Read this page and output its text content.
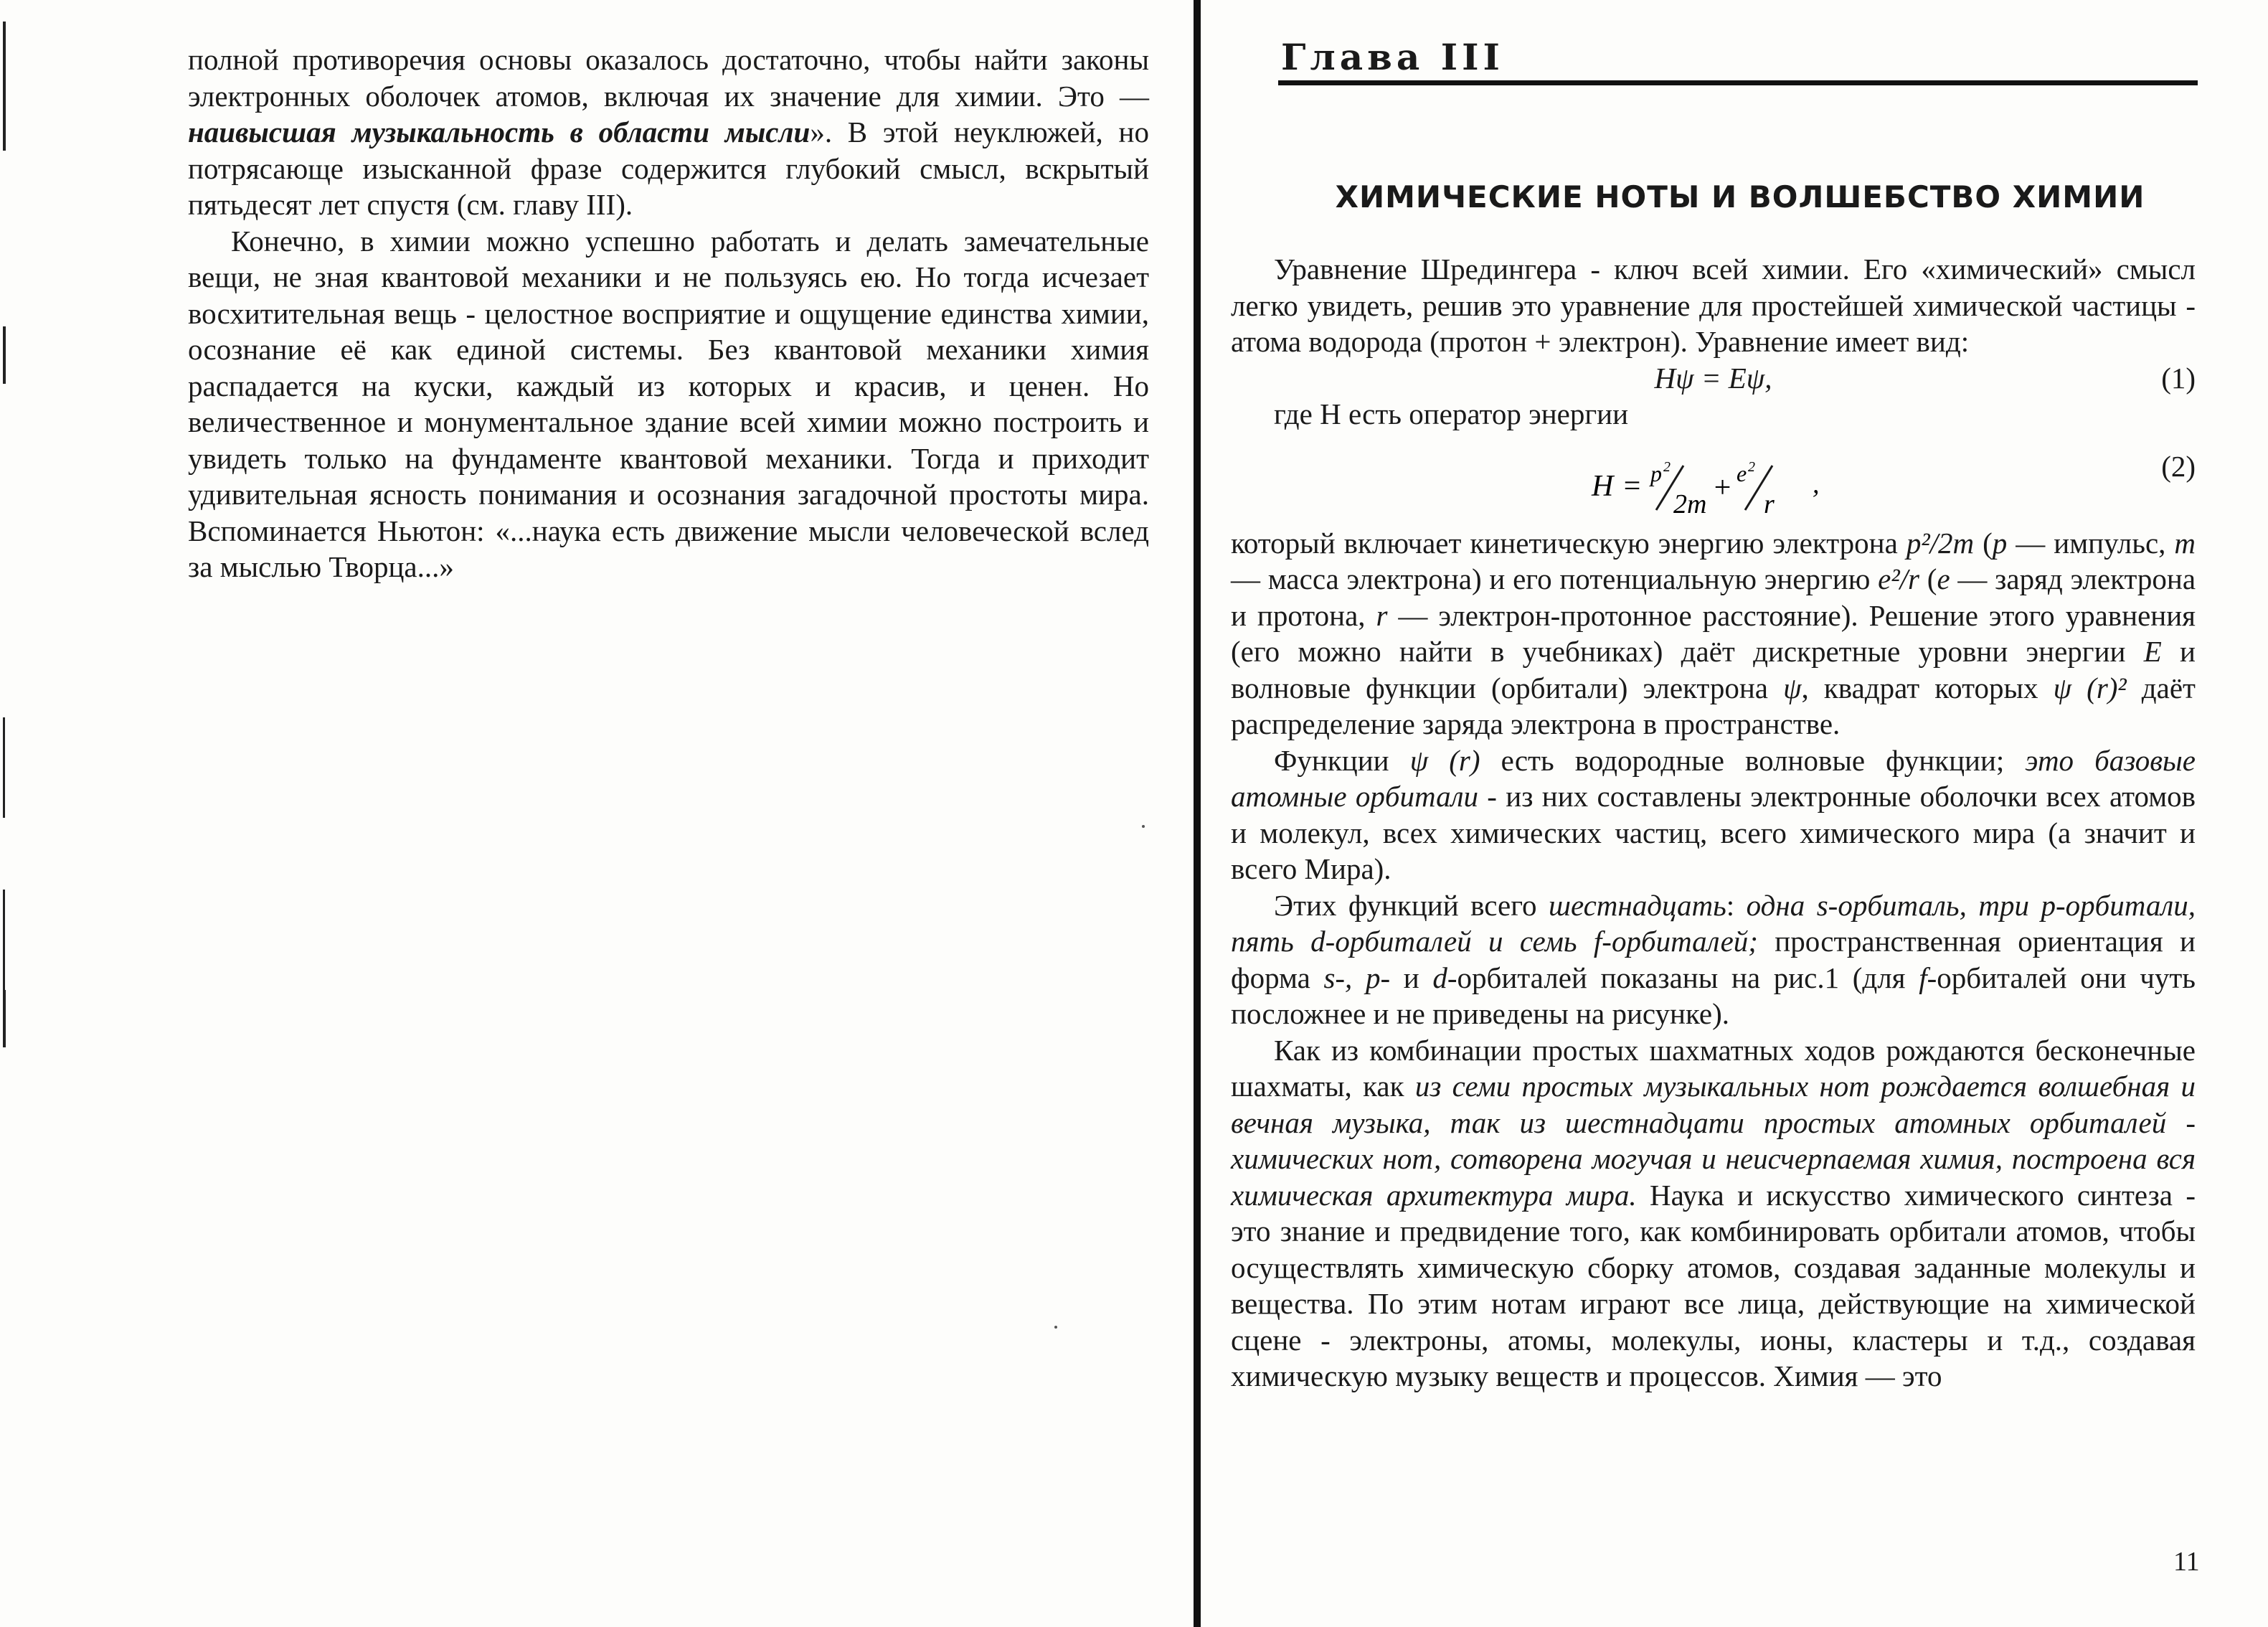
полной противоречия основы оказалось достаточно, чтобы найти законы электронных оболочек атомов, включая их значение для химии. Это — наивысшая музыкальность в области мысли». В этой неуклюжей, но потрясающе изысканной фразе содержится глубокий смысл, вскрытый пятьдесят лет спустя (см. главу III).

Конечно, в химии можно успешно работать и делать замечательные вещи, не зная квантовой механики и не пользуясь ею. Но тогда исчезает восхитительная вещь - целостное восприятие и ощущение единства химии, осознание её как единой системы. Без квантовой механики химия распадается на куски, каждый из которых и красив, и ценен. Но величественное и монументальное здание всей химии можно построить и увидеть только на фундаменте квантовой механики. Тогда и приходит удивительная ясность понимания и осознания загадочной простоты мира. Вспоминается Ньютон: «...наука есть движение мысли человеческой вслед за мыслью Творца...»

Глава III
ХИМИЧЕСКИЕ НОТЫ И ВОЛШЕБСТВО ХИМИИ

Уравнение Шредингера - ключ всей химии. Его «химический» смысл легко увидеть, решив это уравнение для простейшей химической частицы - атома водорода (протон + электрон). Уравнение имеет вид:

Hψ = Eψ,	(1)

где Н есть оператор энергии

H = p 2
2m + e 2
r
,
(2)

который включает кинетическую энергию электрона p²/2m (p — импульс, m — масса электрона) и его потенциальную энергию e²/r (e — заряд электрона и протона, r — электрон-протонное расстояние). Решение этого уравнения (его можно найти в учебниках) даёт дискретные уровни энергии E и волновые функции (орбитали) электрона ψ, квадрат которых ψ (r)² даёт распределение заряда электрона в пространстве.

Функции ψ (r) есть водородные волновые функции; это базовые атомные орбитали - из них составлены электронные оболочки всех атомов и молекул, всех химических частиц, всего химического мира (а значит и всего Мира).

Этих функций всего шестнадцать: одна s-орбиталь, три p-орбитали, пять d-орбиталей и семь f-орбиталей; пространственная ориентация и форма s-, p- и d-орбиталей показаны на рис.1 (для f-орбиталей они чуть посложнее и не приведены на рисунке).

Как из комбинации простых шахматных ходов рождаются бесконечные шахматы, как из семи простых музыкальных нот рождается волшебная и вечная музыка, так из шестнадцати простых атомных орбиталей - химических нот, сотворена могучая и неисчерпаемая химия, построена вся химическая архитектура мира. Наука и искусство химического синтеза - это знание и предвидение того, как комбинировать орбитали атомов, чтобы осуществлять химическую сборку атомов, создавая заданные молекулы и вещества. По этим нотам играют все лица, действующие на химической сцене - электроны, атомы, молекулы, ионы, кластеры и т.д., создавая химическую музыку веществ и процессов. Химия — это

11
